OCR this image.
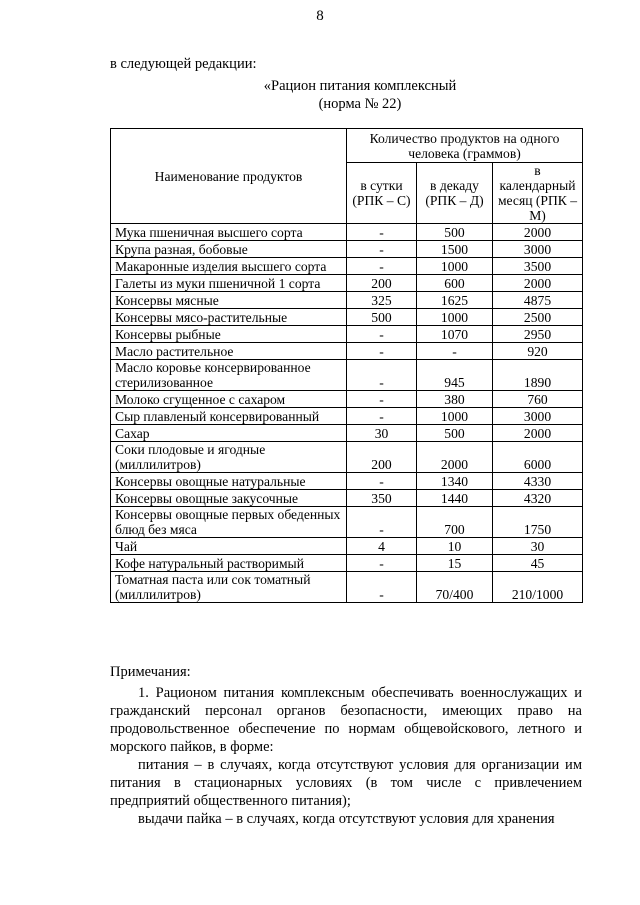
8
в следующей редакции:
«Рацион питания комплексный
(норма № 22)
Наименование продуктов	Количество продуктов на одного человека (граммов)		
	в сутки (РПК – С)	в декаду (РПК – Д)	в календарный месяц (РПК – М)
Мука пшеничная высшего сорта	-	500	2000
Крупа разная, бобовые	-	1500	3000
Макаронные изделия высшего сорта	-	1000	3500
Галеты из муки пшеничной 1 сорта	200	600	2000
Консервы мясные	325	1625	4875
Консервы мясо-растительные	500	1000	2500
Консервы рыбные	-	1070	2950
Масло растительное	-	-	920
Масло коровье консервированное стерилизованное	-	945	1890
Молоко сгущенное с сахаром	-	380	760
Сыр плавленый консервированный	-	1000	3000
Сахар	30	500	2000
Соки плодовые и ягодные (миллилитров)	200	2000	6000
Консервы овощные натуральные	-	1340	4330
Консервы овощные закусочные	350	1440	4320
Консервы овощные первых обеденных блюд без мяса	-	700	1750
Чай	4	10	30
Кофе натуральный растворимый	-	15	45
Томатная паста или сок томатный (миллилитров)	-	70/400	210/1000

Примечания:

1. Рационом питания комплексным обеспечивать военнослужащих и гражданский персонал органов безопасности, имеющих право на продовольственное обеспечение по нормам общевойскового, летного и морского пайков, в форме:

питания – в случаях, когда отсутствуют условия для организации им питания в стационарных условиях (в том числе с привлечением предприятий общественного питания);

выдачи пайка – в случаях, когда отсутствуют условия для хранения
